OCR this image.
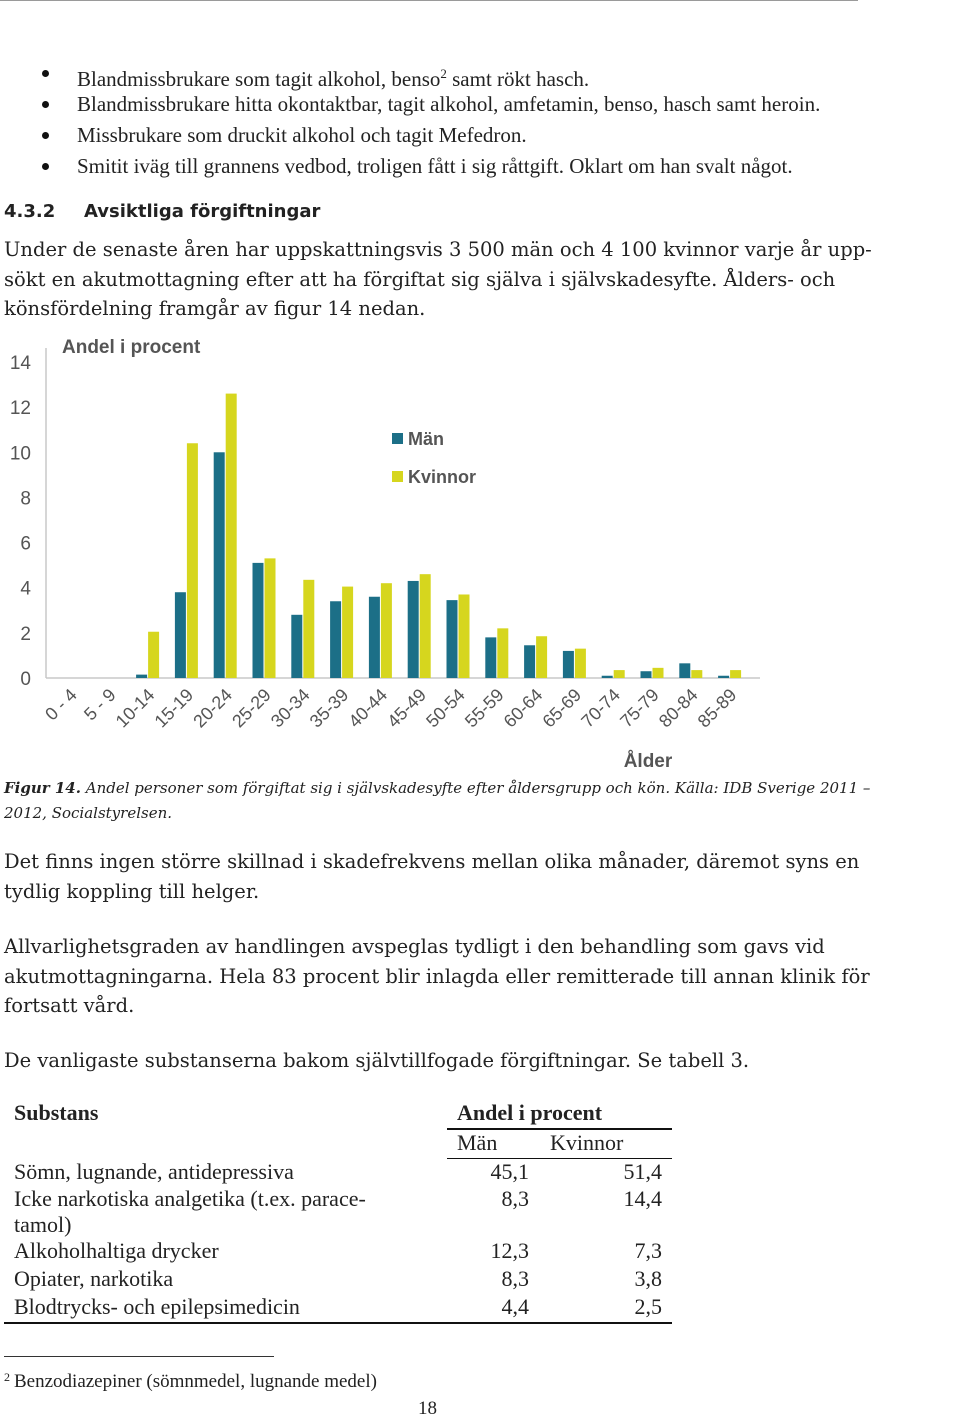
Blandmissbrukare som tagit alkohol, benso$^2$ samt rökt hasch.
Blandmissbrukare hitta okontaktbar, tagit alkohol, amfetamin, benso, hasch samt heroin.
Missbrukare som druckit alkohol och tagit Mefedron.
Smitit iväg till grannens vedbod, troligen fått i sig råttgift. Oklart om han svalt något.
4.3.2 Avsiktliga förgiftningar
Under de senaste åren har uppskattningsvis 3 500 män och 4 100 kvinnor varje år upp-
sökt en akutmottagning efter att ha förgiftat sig själva i självskadesyfte. Ålders- och
könsfördelning framgår av figur 14 nedan.
0
2
4
6
8
10
12
14
Andel i procent
0 - 4 5 - 9
10-14
15-19
20-24
25-29
30-34
35-39
40-44
45-49
50-54
55-59
60-64
65-69
70-74
75-79
80-84
85-89
Ålder
Män
Kvinnor
Figur 14. Andel personer som förgiftat sig i självskadesyfte efter åldersgrupp och kön. Källa: IDB Sverige 2011 –
2012, Socialstyrelsen.
Det finns ingen större skillnad i skadefrekvens mellan olika månader, däremot syns en
tydlig koppling till helger.
Allvarlighetsgraden av handlingen avspeglas tydligt i den behandling som gavs vid
akutmottagningarna. Hela 83 procent blir inlagda eller remitterade till annan klinik för
fortsatt vård.
De vanligaste substanserna bakom självtillfogade förgiftningar. Se tabell 3.
Substans	Andel i procent
Män Kvinnor
Sömn, lugnande, antidepressiva	45,1	51,4
Icke narkotiska analgetika (t.ex. parace-	8,3	14,4
tamol)
Alkoholhaltiga drycker	12,3	7,3
Opiater, narkotika	8,3	3,8
Blodtrycks- och epilepsimedicin	4,4	2,5
$^2$ Benzodiazepiner (sömnmedel, lugnande medel)
18
